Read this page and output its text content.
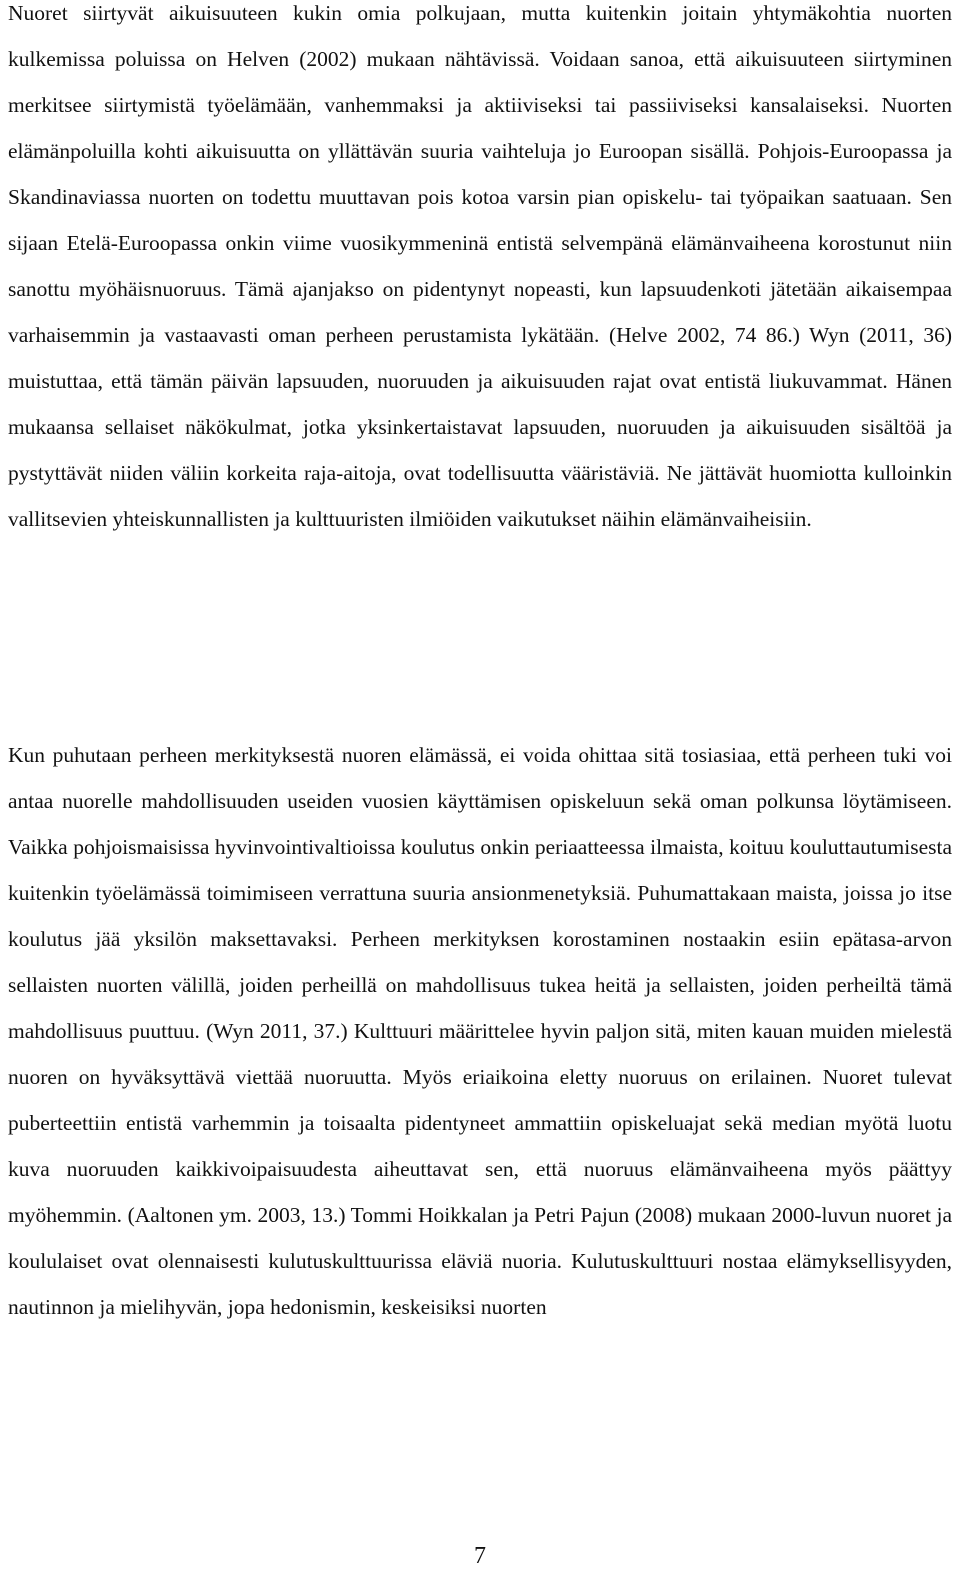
Nuoret siirtyvät aikuisuuteen kukin omia polkujaan, mutta kuitenkin joitain yhtymäkohtia nuorten kulkemissa poluissa on Helven (2002) mukaan nähtävissä. Voidaan sanoa, että aikuisuuteen siirtyminen merkitsee siirtymistä työelämään, vanhemmaksi ja aktiiviseksi tai passiiviseksi kansalaiseksi. Nuorten elämänpoluilla kohti aikuisuutta on yllättävän suuria vaihteluja jo Euroopan sisällä. Pohjois-Euroopassa ja Skandinaviassa nuorten on todettu muuttavan pois kotoa varsin pian opiskelu- tai työpaikan saatuaan. Sen sijaan Etelä-Euroopassa onkin viime vuosikymmeninä entistä selvempänä elämänvaiheena korostunut niin sanottu myöhäisnuoruus. Tämä ajanjakso on pidentynyt nopeasti, kun lapsuudenkoti jätetään aikaisempaa varhaisemmin ja vastaavasti oman perheen perustamista lykätään. (Helve 2002, 74 86.) Wyn (2011, 36) muistuttaa, että tämän päivän lapsuuden, nuoruuden ja aikuisuuden rajat ovat entistä liukuvammat. Hänen mukaansa sellaiset näkökulmat, jotka yksinkertaistavat lapsuuden, nuoruuden ja aikuisuuden sisältöä ja pystyttävät niiden väliin korkeita raja-aitoja, ovat todellisuutta vääristäviä. Ne jättävät huomiotta kulloinkin vallitsevien yhteiskunnallisten ja kulttuuristen ilmiöiden vaikutukset näihin elämänvaiheisiin.

Kun puhutaan perheen merkityksestä nuoren elämässä, ei voida ohittaa sitä tosiasiaa, että perheen tuki voi antaa nuorelle mahdollisuuden useiden vuosien käyttämisen opiskeluun sekä oman polkunsa löytämiseen. Vaikka pohjoismaisissa hyvinvointivaltioissa koulutus onkin periaatteessa ilmaista, koituu kouluttautumisesta kuitenkin työelämässä toimimiseen verrattuna suuria ansionmenetyksiä. Puhumattakaan maista, joissa jo itse koulutus jää yksilön maksettavaksi. Perheen merkityksen korostaminen nostaakin esiin epätasa-arvon sellaisten nuorten välillä, joiden perheillä on mahdollisuus tukea heitä ja sellaisten, joiden perheiltä tämä mahdollisuus puuttuu. (Wyn 2011, 37.) Kulttuuri määrittelee hyvin paljon sitä, miten kauan muiden mielestä nuoren on hyväksyttävä viettää nuoruutta. Myös eriaikoina eletty nuoruus on erilainen. Nuoret tulevat puberteettiin entistä varhemmin ja toisaalta pidentyneet ammattiin opiskeluajat sekä median myötä luotu kuva nuoruuden kaikkivoipaisuudesta aiheuttavat sen, että nuoruus elämänvaiheena myös päättyy myöhemmin. (Aaltonen ym. 2003, 13.) Tommi Hoikkalan ja Petri Pajun (2008) mukaan 2000-luvun nuoret ja koululaiset ovat olennaisesti kulutuskulttuurissa eläviä nuoria. Kulutuskulttuuri nostaa elämyksellisyyden, nautinnon ja mielihyvän, jopa hedonismin, keskeisiksi nuorten

7
